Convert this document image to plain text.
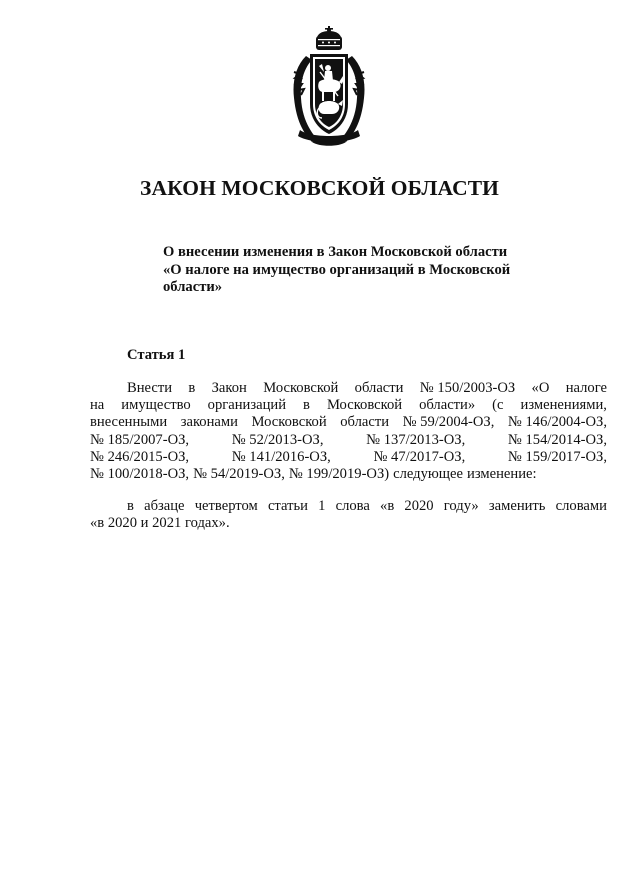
ЗАКОН МОСКОВСКОЙ ОБЛАСТИ
О внесении изменения в Закон Московской области
«О налоге на имущество организаций в Московской
области»
Статья 1
Внести в Закон Московской области № 150/2003-ОЗ «О налоге
на имущество организаций в Московской области» (с изменениями,
внесенными законами Московской области № 59/2004-ОЗ, № 146/2004-ОЗ,
№ 185/2007-ОЗ,	№ 52/2013-ОЗ,	№ 137/2013-ОЗ,	№ 154/2014-ОЗ,
№ 246/2015-ОЗ,	№ 141/2016-ОЗ,	№ 47/2017-ОЗ,	№ 159/2017-ОЗ,
№ 100/2018-ОЗ, № 54/2019-ОЗ, № 199/2019-ОЗ) следующее изменение:
в абзаце четвертом статьи 1 слова «в 2020 году» заменить словами
«в 2020 и 2021 годах».
